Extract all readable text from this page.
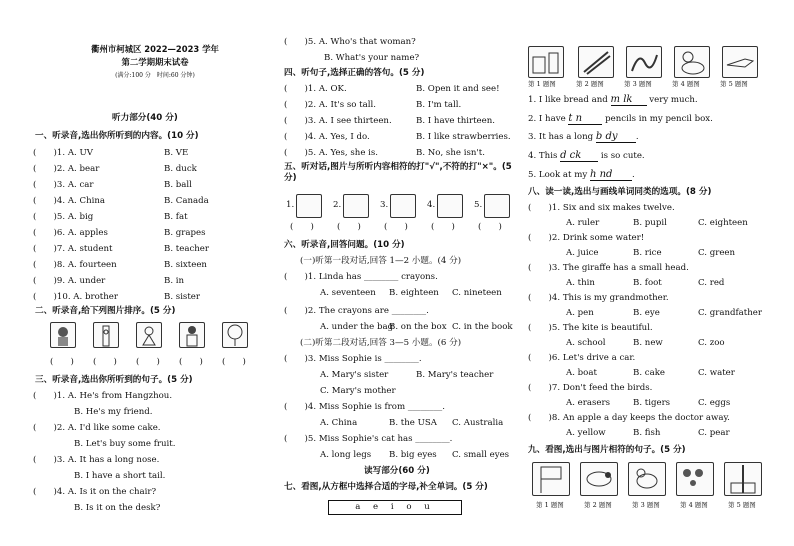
衢州市柯城区 2022—2023 学年
第二学期期末试卷
(满分:100 分　时间:60 分钟)
听力部分(40 分)
一、听录音,选出你所听到的内容。(10 分)
(　　)1. A. UV	B. VE
(　　)2. A. bear	B. duck
(　　)3. A. car	B. ball
(　　)4. A. China	B. Canada
(　　)5. A. big	B. fat
(　　)6. A. apples	B. grapes
(　　)7. A. student	B. teacher
(　　)8. A. fourteen	B. sixteen
(　　)9. A. under	B. in
(　　)10. A. brother	B. sister
二、听录音,给下列图片排序。(5 分)
(　　) (　　) (　　) (　　) (　　)
三、听录音,选出你所听到的句子。(5 分)
(　　)1. A. He's from Hangzhou.
B. He's my friend.
(　　)2. A. I'd like some cake.
B. Let's buy some fruit.
(　　)3. A. It has a long nose.
B. I have a short tail.
(　　)4. A. Is it on the chair?
B. Is it on the desk?
(　　)5. A. Who's that woman?
B. What's your name?
四、听句子,选择正确的答句。(5 分)
(　　)1. A. OK.	B. Open it and see!
(　　)2. A. It's so tall.	B. I'm tall.
(　　)3. A. I see thirteen.	B. I have thirteen.
(　　)4. A. Yes, I do.	B. I like strawberries.
(　　)5. A. Yes, she is.	B. No, she isn't.
五、听对话,图片与所听内容相符的打"√",不符的打"×"。(5 分)
1.
(　　)
2.
(　　)
3.
(　　)
4.
(　　)
5.
(　　)
六、听录音,回答问题。(10 分)
(一)听第一段对话,回答 1—2 小题。(4 分)
(　　)1. Linda has ________ crayons.
A. seventeen B. eighteen C. nineteen
(　　)2. The crayons are ________.
A. under the bag
B. on the box C. in the book
(二)听第二段对话,回答 3—5 小题。(6 分)
(　　)3. Miss Sophie is ________.
A. Mary's sister	B. Mary's teacher
C. Mary's mother
(　　)4. Miss Sophie is from ________.
A. China	B. the USA C. Australia
(　　)5. Miss Sophie's cat has ________.
A. long legs B. big eyes C. small eyes
读写部分(60 分)
七、看图,从方框中选择合适的字母,补全单词。(5 分)
a e i o u
第 1 题图	第 2 题图	第 3 题图	第 4 题图	第 5 题图
1. I like bread and m lk very much.
2. I have t n	pencils in my pencil box.
3. It has a long b dy .
4. This d ck is so cute.
5. Look at my h nd .
八、读一读,选出与画线单词同类的选项。(8 分)
(　　)1. Six and six makes twelve.
A. ruler	B. pupil	C. eighteen
(　　)2. Drink some water!
A. juice	B. rice	C. green
(　　)3. The giraffe has a small head.
A. thin	B. foot	C. red
(　　)4. This is my grandmother.
A. pen	B. eye	C. grandfather
(　　)5. The kite is beautiful.
A. school	B. new	C. zoo
(　　)6. Let's drive a car.
A. boat	B. cake	C. water
(　　)7. Don't feed the birds.
A. erasers	B. tigers	C. eggs
(　　)8. An apple a day keeps the doctor away.
A. yellow	B. fish	C. pear
九、看图,选出与图片相符的句子。(5 分)
第 1 题图	第 2 题图	第 3 题图	第 4 题图	第 5 题图
